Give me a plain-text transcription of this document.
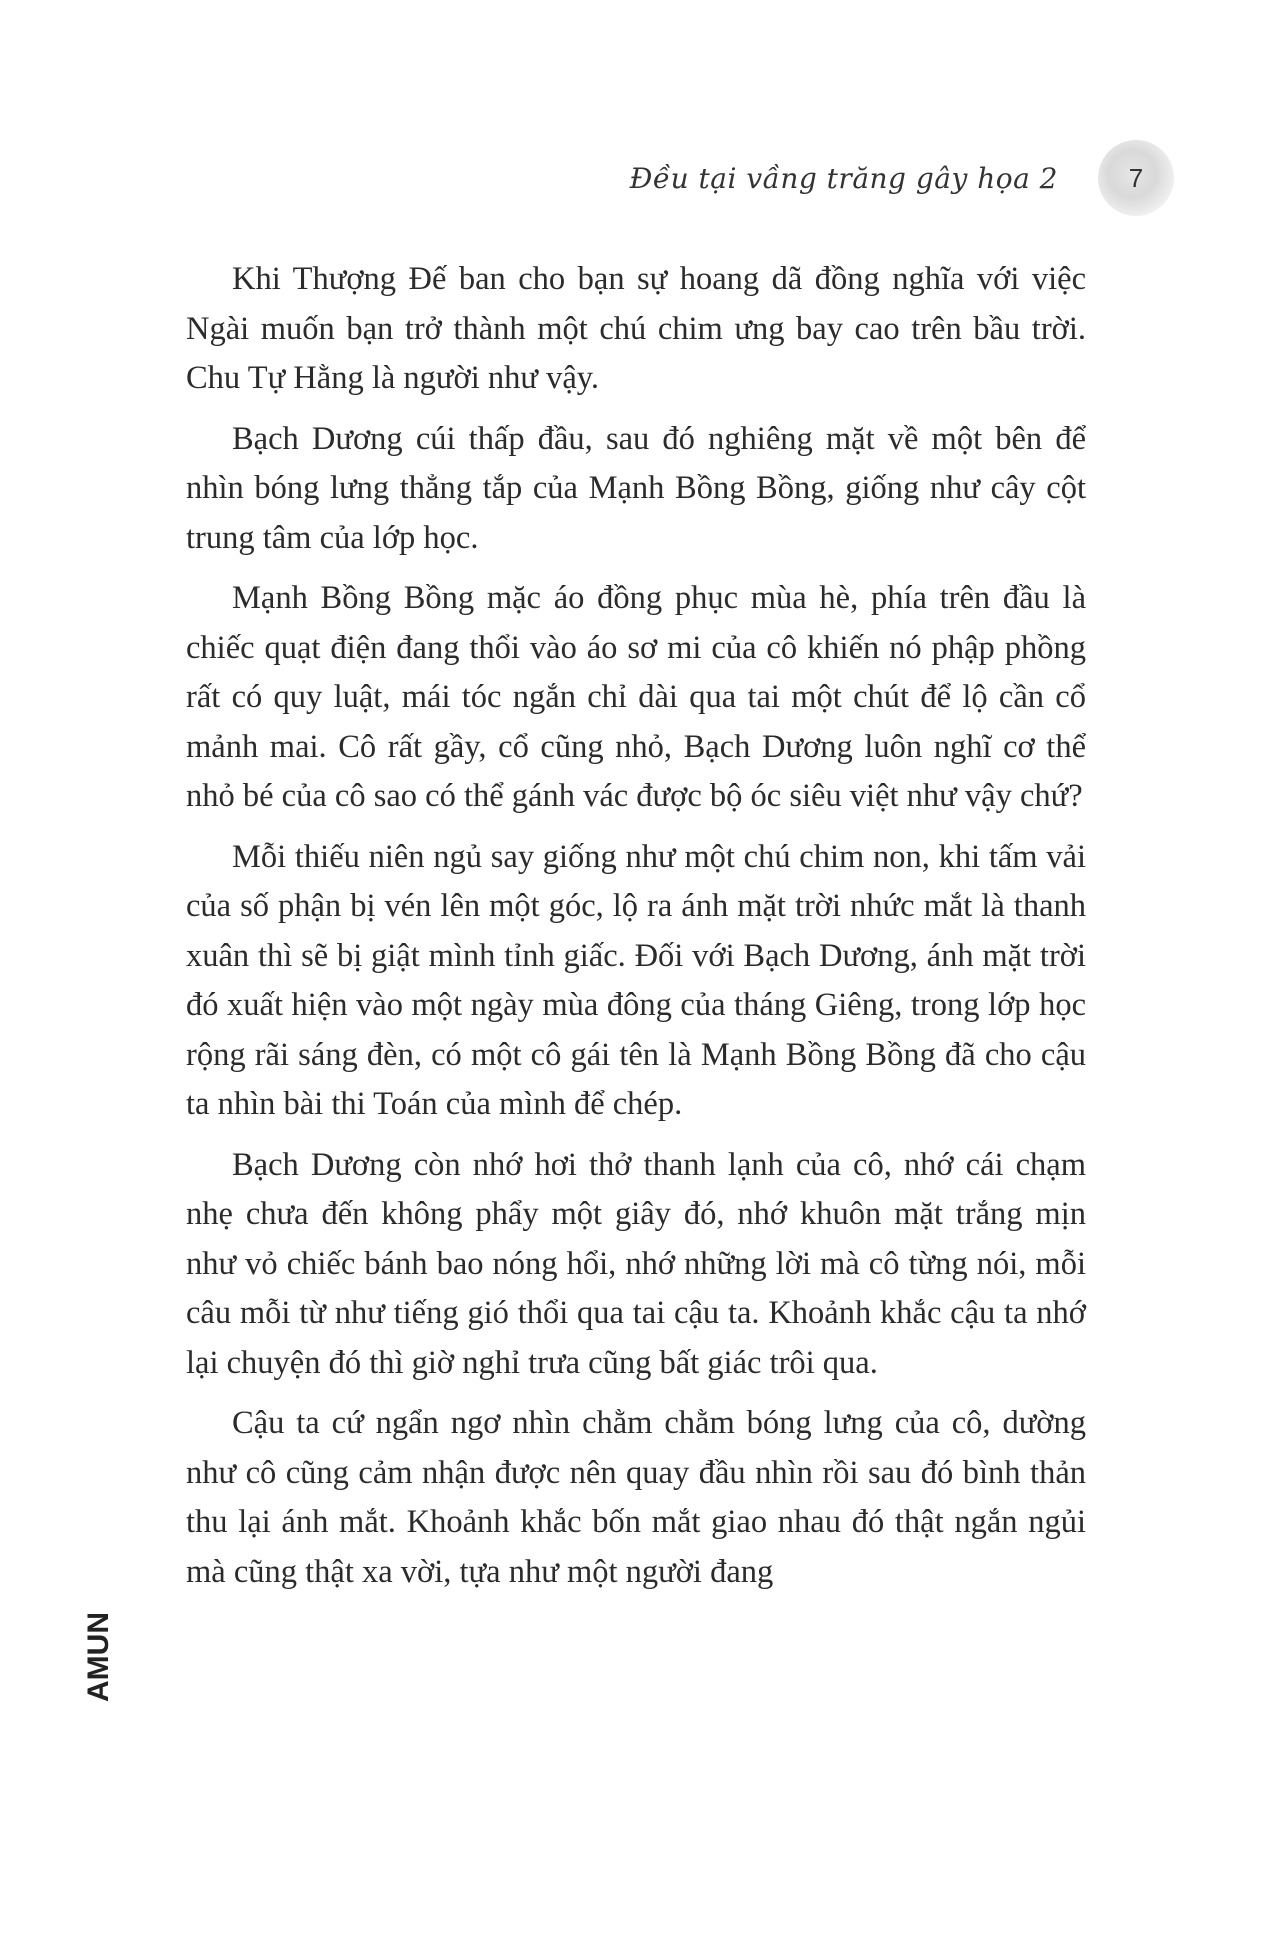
Đều tại vầng trăng gây họa 2	7

Khi Thượng Đế ban cho bạn sự hoang dã đồng nghĩa với việc Ngài muốn bạn trở thành một chú chim ưng bay cao trên bầu trời. Chu Tự Hằng là người như vậy.

Bạch Dương cúi thấp đầu, sau đó nghiêng mặt về một bên để nhìn bóng lưng thẳng tắp của Mạnh Bồng Bồng, giống như cây cột trung tâm của lớp học.

Mạnh Bồng Bồng mặc áo đồng phục mùa hè, phía trên đầu là chiếc quạt điện đang thổi vào áo sơ mi của cô khiến nó phập phồng rất có quy luật, mái tóc ngắn chỉ dài qua tai một chút để lộ cần cổ mảnh mai. Cô rất gầy, cổ cũng nhỏ, Bạch Dương luôn nghĩ cơ thể nhỏ bé của cô sao có thể gánh vác được bộ óc siêu việt như vậy chứ?

Mỗi thiếu niên ngủ say giống như một chú chim non, khi tấm vải của số phận bị vén lên một góc, lộ ra ánh mặt trời nhức mắt là thanh xuân thì sẽ bị giật mình tỉnh giấc. Đối với Bạch Dương, ánh mặt trời đó xuất hiện vào một ngày mùa đông của tháng Giêng, trong lớp học rộng rãi sáng đèn, có một cô gái tên là Mạnh Bồng Bồng đã cho cậu ta nhìn bài thi Toán của mình để chép.

Bạch Dương còn nhớ hơi thở thanh lạnh của cô, nhớ cái chạm nhẹ chưa đến không phẩy một giây đó, nhớ khuôn mặt trắng mịn như vỏ chiếc bánh bao nóng hổi, nhớ những lời mà cô từng nói, mỗi câu mỗi từ như tiếng gió thổi qua tai cậu ta. Khoảnh khắc cậu ta nhớ lại chuyện đó thì giờ nghỉ trưa cũng bất giác trôi qua.

Cậu ta cứ ngẩn ngơ nhìn chằm chằm bóng lưng của cô, dường như cô cũng cảm nhận được nên quay đầu nhìn rồi sau đó bình thản thu lại ánh mắt. Khoảnh khắc bốn mắt giao nhau đó thật ngắn ngủi mà cũng thật xa vời, tựa như một người đang

AMUN
